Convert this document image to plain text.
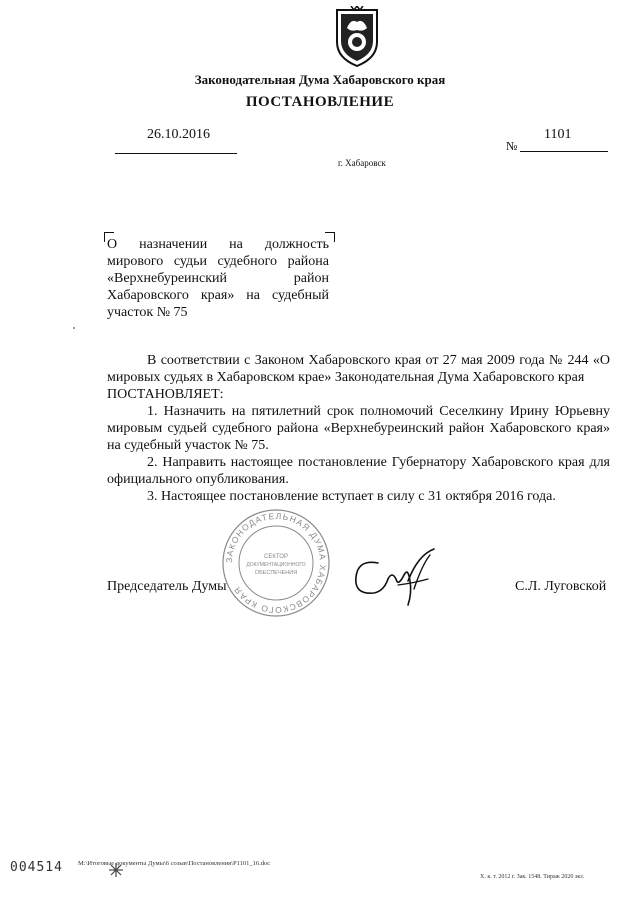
Законодательная Дума Хабаровского края
ПОСТАНОВЛЕНИЕ
26.10.2016	1101
№
г. Хабаровск
О назначении на должность
мирового судьи судебного района
«Верхнебуреинский район
Хабаровского края» на судебный
участок № 75
В соответствии с Законом Хабаровского края от 27 мая 2009 года № 244 «О мировых судьях в Хабаровском крае» Законодательная Дума Хабаровского края
ПОСТАНОВЛЯЕТ:
1. Назначить на пятилетний срок полномочий Сеселкину Ирину Юрьевну мировым судьей судебного района «Верхнебуреинский район Хабаровского края» на судебный участок № 75.
2. Направить настоящее постановление Губернатору Хабаровского края для официального опубликования.
3. Настоящее постановление вступает в силу с 31 октября 2016 года.
ЗАКОНОДАТЕЛЬНАЯ ДУМА ХАБАРОВСКОГО КРАЯ
СЕКТОР
ДОКУМЕНТАЦИОННОГО
ОБЕСПЕЧЕНИЯ
Председатель Думы	С.Л. Луговской
004514 M:\Итоговые документы Думы\6 созыв\Постановления\P1101_16.doc
Х. к. т. 2012 г. Зак. 1548. Тираж 2020 экз.
